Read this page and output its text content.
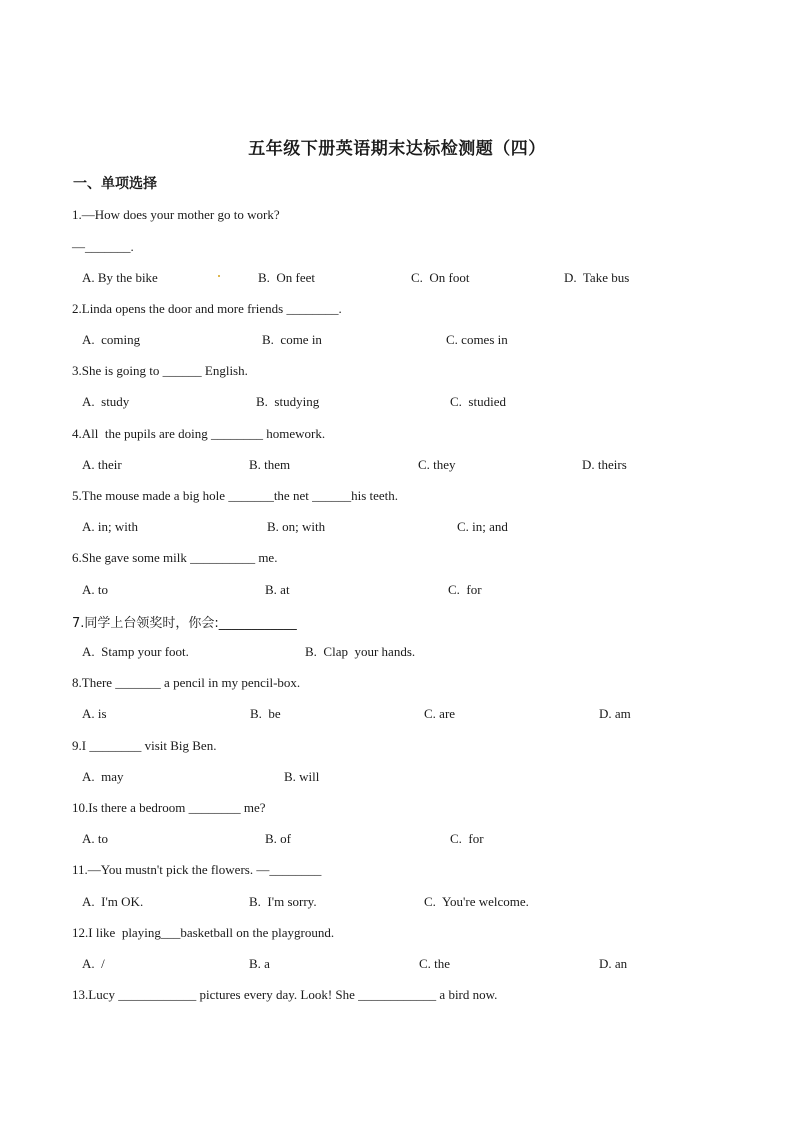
五年级下册英语期末达标检测题（四）
一、单项选择
1.—How does your mother go to work?
—_______.
A. By the bike	B.  On feet	C.  On foot	D.  Take bus
2.Linda opens the door and more friends ________.
A.  coming	B.  come in	C. comes in
3.She is going to ______ English.
A.  study	B.  studying	C.  studied
4.All  the pupils are doing ________ homework.
A. their	B. them	C. they	D. theirs
5.The mouse made a big hole _______the net ______his teeth.
A. in; with	B. on; with	C. in; and
6.She gave some milk __________ me.
A. to	B. at	C.  for
7.同学上台领奖时，你会:____________
A.  Stamp your foot.	B.  Clap  your hands.
8.There _______ a pencil in my pencil-box.
A. is	B.  be	C. are	D. am
9.I ________ visit Big Ben.
A.  may	B. will
10.Is there a bedroom ________ me?
A. to	B. of	C.  for
11.—You mustn't pick the flowers. —________
A.  I'm OK.	B.  I'm sorry.	C.  You're welcome.
12.I like  playing___basketball on the playground.
A.  /	B. a	C. the	D. an
13.Lucy ____________ pictures every day. Look! She ____________ a bird now.
